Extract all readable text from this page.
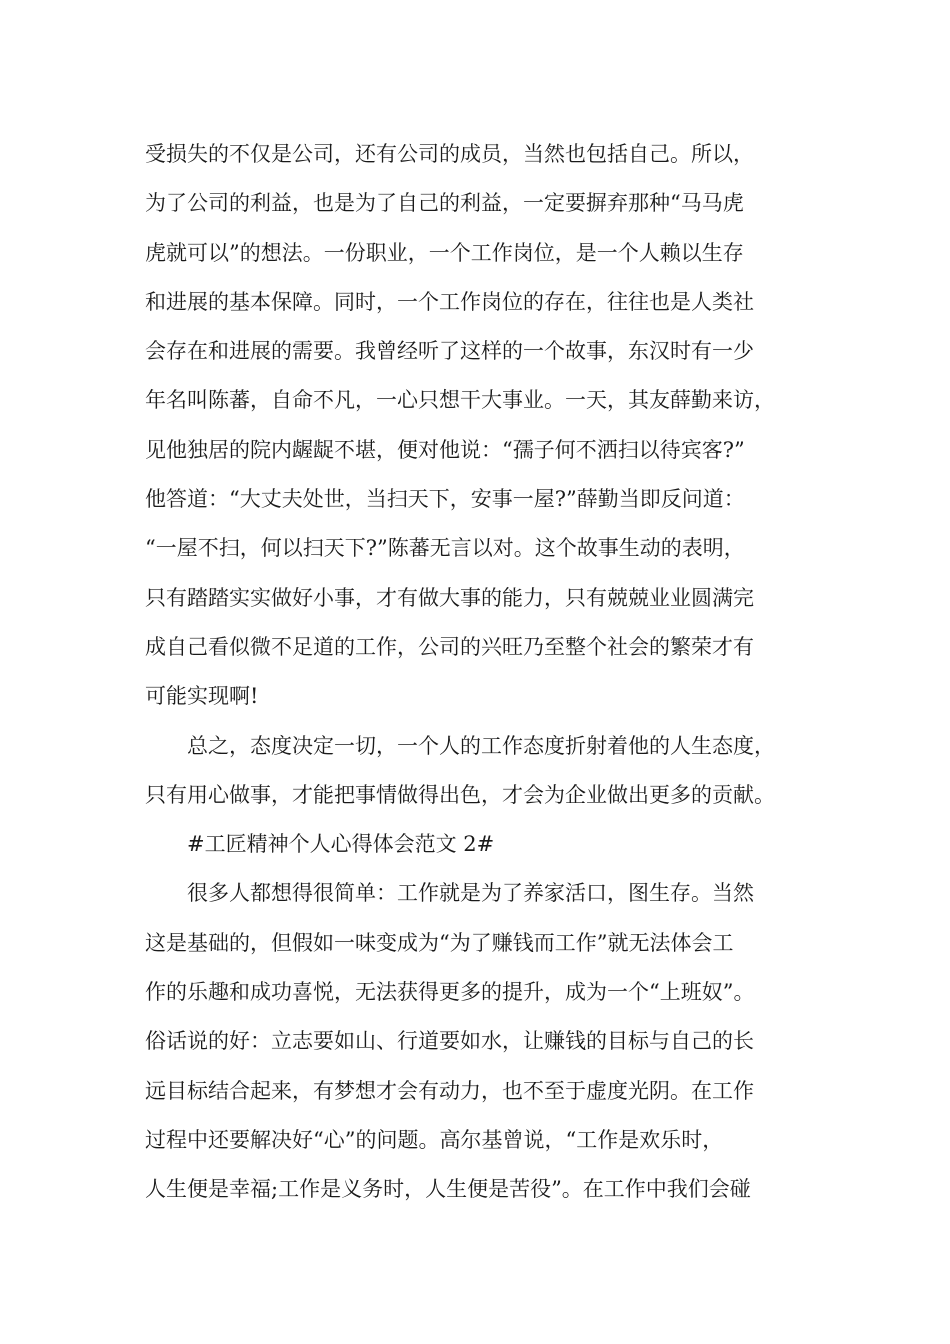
受损失的不仅是公司，还有公司的成员，当然也包括自己。所以，
为了公司的利益，也是为了自己的利益，一定要摒弃那种“马马虎
虎就可以”的想法。一份职业，一个工作岗位，是一个人赖以生存
和进展的基本保障。同时，一个工作岗位的存在，往往也是人类社
会存在和进展的需要。我曾经听了这样的一个故事，东汉时有一少
年名叫陈蕃，自命不凡，一心只想干大事业。一天，其友薛勤来访，
见他独居的院内龌龊不堪，便对他说：“孺子何不洒扫以待宾客?”
他答道：“大丈夫处世，当扫天下，安事一屋?”薛勤当即反问道：
“一屋不扫，何以扫天下?”陈蕃无言以对。这个故事生动的表明，
只有踏踏实实做好小事，才有做大事的能力，只有兢兢业业圆满完
成自己看似微不足道的工作，公司的兴旺乃至整个社会的繁荣才有
可能实现啊!
总之，态度决定一切，一个人的工作态度折射着他的人生态度，
只有用心做事，才能把事情做得出色，才会为企业做出更多的贡献。
#工匠精神个人心得体会范文 2#
很多人都想得很简单：工作就是为了养家活口，图生存。当然
这是基础的，但假如一味变成为“为了赚钱而工作”就无法体会工
作的乐趣和成功喜悦，无法获得更多的提升，成为一个“上班奴”。
俗话说的好：立志要如山、行道要如水，让赚钱的目标与自己的长
远目标结合起来，有梦想才会有动力，也不至于虚度光阴。在工作
过程中还要解决好“心”的问题。高尔基曾说，“工作是欢乐时，
人生便是幸福;工作是义务时，人生便是苦役”。在工作中我们会碰
